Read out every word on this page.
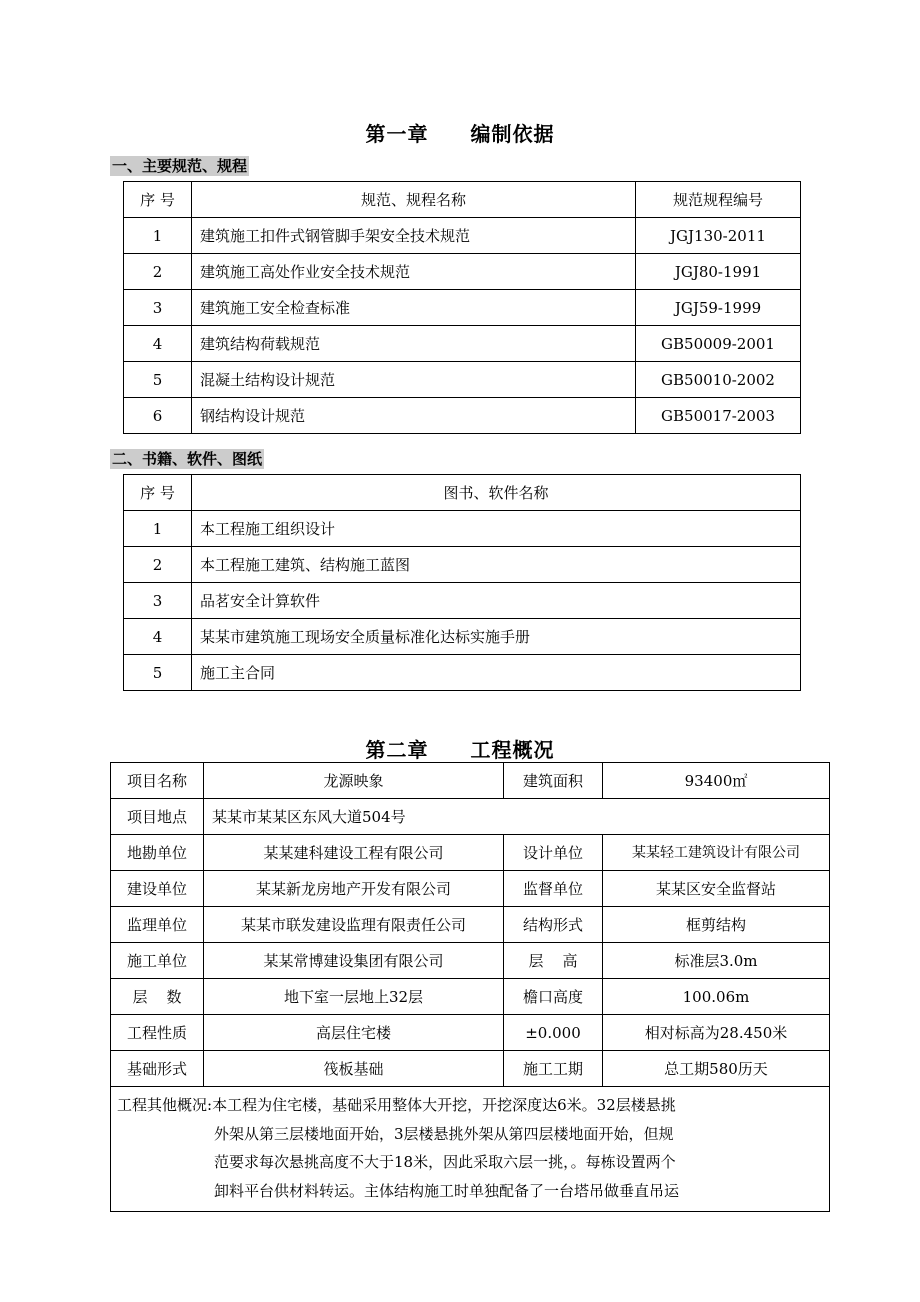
第一章　　编制依据
一、主要规范、规程
序 号	规范、规程名称	规范规程编号
1	建筑施工扣件式钢管脚手架安全技术规范	JGJ130-2011
2	建筑施工高处作业安全技术规范	JGJ80-1991
3	建筑施工安全检查标准	JGJ59-1999
4	建筑结构荷载规范	GB50009-2001
5	混凝土结构设计规范	GB50010-2002
6	钢结构设计规范	GB50017-2003
二、书籍、软件、图纸
序 号	图书、软件名称
1	本工程施工组织设计
2	本工程施工建筑、结构施工蓝图
3	品茗安全计算软件
4	某某市建筑施工现场安全质量标准化达标实施手册
5	施工主合同
第二章　　工程概况
项目名称	龙源映象	建筑面积	93400㎡
项目地点	某某市某某区东风大道504号		
地勘单位	某某建科建设工程有限公司	设计单位	某某轻工建筑设计有限公司
建设单位	某某新龙房地产开发有限公司	监督单位	某某区安全监督站
监理单位	某某市联发建设监理有限责任公司	结构形式	框剪结构
施工单位	某某常博建设集团有限公司	层    高	标准层3.0m
层    数	地下室一层地上32层	檐口高度	100.06m
工程性质	高层住宅楼	±0.000	相对标高为28.450米
基础形式	筏板基础	施工工期	总工期580历天
工程其他概况:本工程为住宅楼，基础采用整体大开挖，开挖深度达6米。32层楼悬挑
外架从第三层楼地面开始，3层楼悬挑外架从第四层楼地面开始，但规
范要求每次悬挑高度不大于18米，因此采取六层一挑，。每栋设置两个
卸料平台供材料转运。主体结构施工时单独配备了一台塔吊做垂直吊运			
